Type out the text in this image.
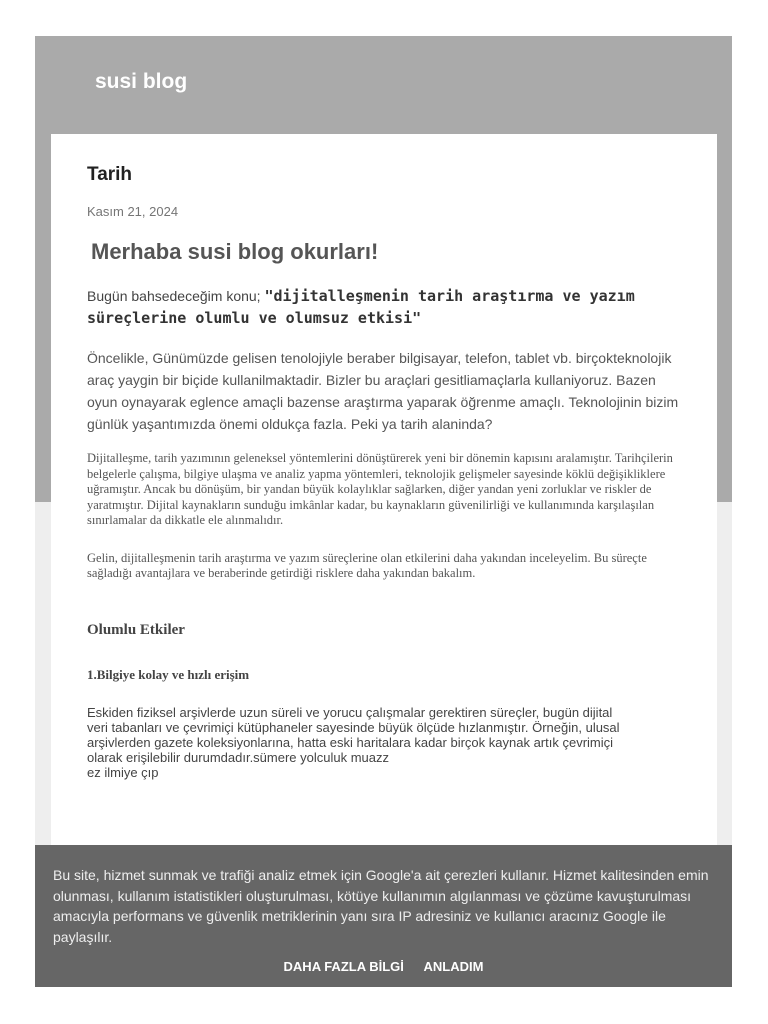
susi blog
Tarih
Kasım 21, 2024
Merhaba susi blog okurları!
Bugün bahsedeceğim konu; "dijitalleşmenin tarih araştırma ve yazım süreçlerine olumlu ve olumsuz etkisi"
Öncelikle, Günümüzde gelisen tenolojiyle beraber bilgisayar, telefon, tablet vb. birçokteknolojik araç yaygin bir biçide kullanilmaktadir. Bizler bu araçlari gesitliamaçlarla kullaniyoruz. Bazen oyun oynayarak eglence amaçli bazense araştırma yaparak öğrenme amaçlı. Teknolojinin bizim günlük yaşantımızda önemi oldukça fazla. Peki ya tarih alaninda?
Dijitalleşme, tarih yazımının geleneksel yöntemlerini dönüştürerek yeni bir dönemin kapısını aralamıştır. Tarihçilerin belgelerle çalışma, bilgiye ulaşma ve analiz yapma yöntemleri, teknolojik gelişmeler sayesinde köklü değişikliklere uğramıştır. Ancak bu dönüşüm, bir yandan büyük kolaylıklar sağlarken, diğer yandan yeni zorluklar ve riskler de yaratmıştır. Dijital kaynakların sunduğu imkânlar kadar, bu kaynakların güvenilirliği ve kullanımında karşılaşılan sınırlamalar da dikkatle ele alınmalıdır.
Gelin, dijitalleşmenin tarih araştırma ve yazım süreçlerine olan etkilerini daha yakından inceleyelim. Bu süreçte sağladığı avantajlara ve beraberinde getirdiği risklere daha yakından bakalım.
Olumlu Etkiler
1.Bilgiye kolay ve hızlı erişim
Eskiden fiziksel arşivlerde uzun süreli ve yorucu çalışmalar gerektiren süreçler, bugün dijital
veri tabanları ve çevrimiçi kütüphaneler sayesinde büyük ölçüde hızlanmıştır. Örneğin, ulusal
arşivlerden gazete koleksiyonlarına, hatta eski haritalara kadar birçok kaynak artık çevrimiçi
olarak erişilebilir durumdadır.sümere yolculuk muazz
ez ilmiye çıp
Bu site, hizmet sunmak ve trafiği analiz etmek için Google'a ait çerezleri kullanır. Hizmet kalitesinden emin olunması, kullanım istatistikleri oluşturulması, kötüye kullanımın algılanması ve çözüme kavuşturulması amacıyla performans ve güvenlik metriklerinin yanı sıra IP adresiniz ve kullanıcı aracınız Google ile paylaşılır.
DAHA FAZLA BİLGİ ANLADIM
